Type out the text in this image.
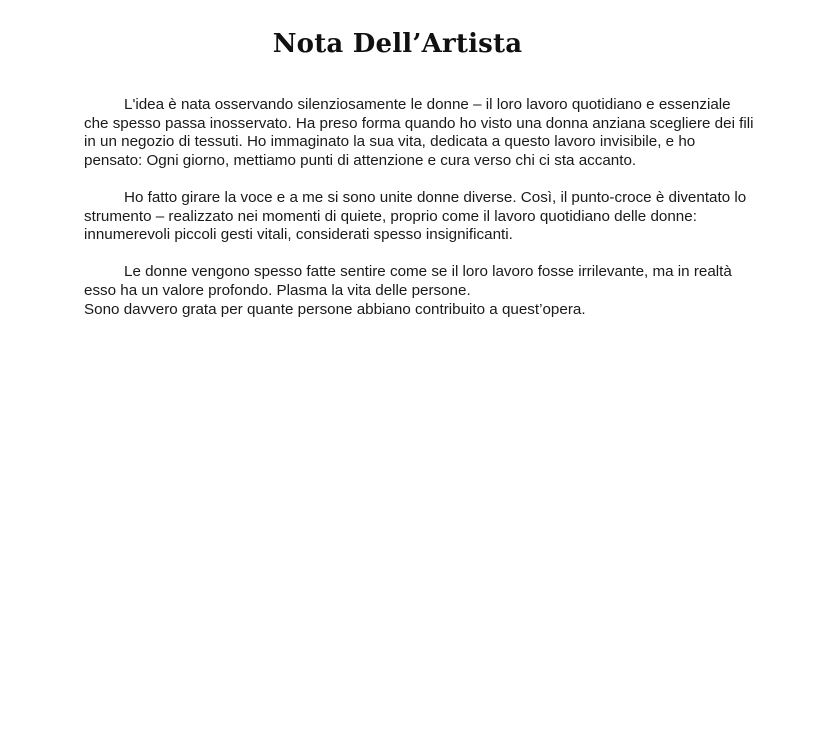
Nota Dell’Artista

L'idea è nata osservando silenziosamente le donne – il loro lavoro quotidiano e essenziale che spesso passa inosservato. Ha preso forma quando ho visto una donna anziana scegliere dei fili in un negozio di tessuti. Ho immaginato la sua vita, dedicata a questo lavoro invisibile, e ho pensato: Ogni giorno, mettiamo punti di attenzione e cura verso chi ci sta accanto.

Ho fatto girare la voce e a me si sono unite donne diverse. Così, il punto-croce è diventato lo strumento – realizzato nei momenti di quiete, proprio come il lavoro quotidiano delle donne: innumerevoli piccoli gesti vitali, considerati spesso insignificanti.

Le donne vengono spesso fatte sentire come se il loro lavoro fosse irrilevante, ma in realtà esso ha un valore profondo. Plasma la vita delle persone.

Sono davvero grata per quante persone abbiano contribuito a quest’opera.
